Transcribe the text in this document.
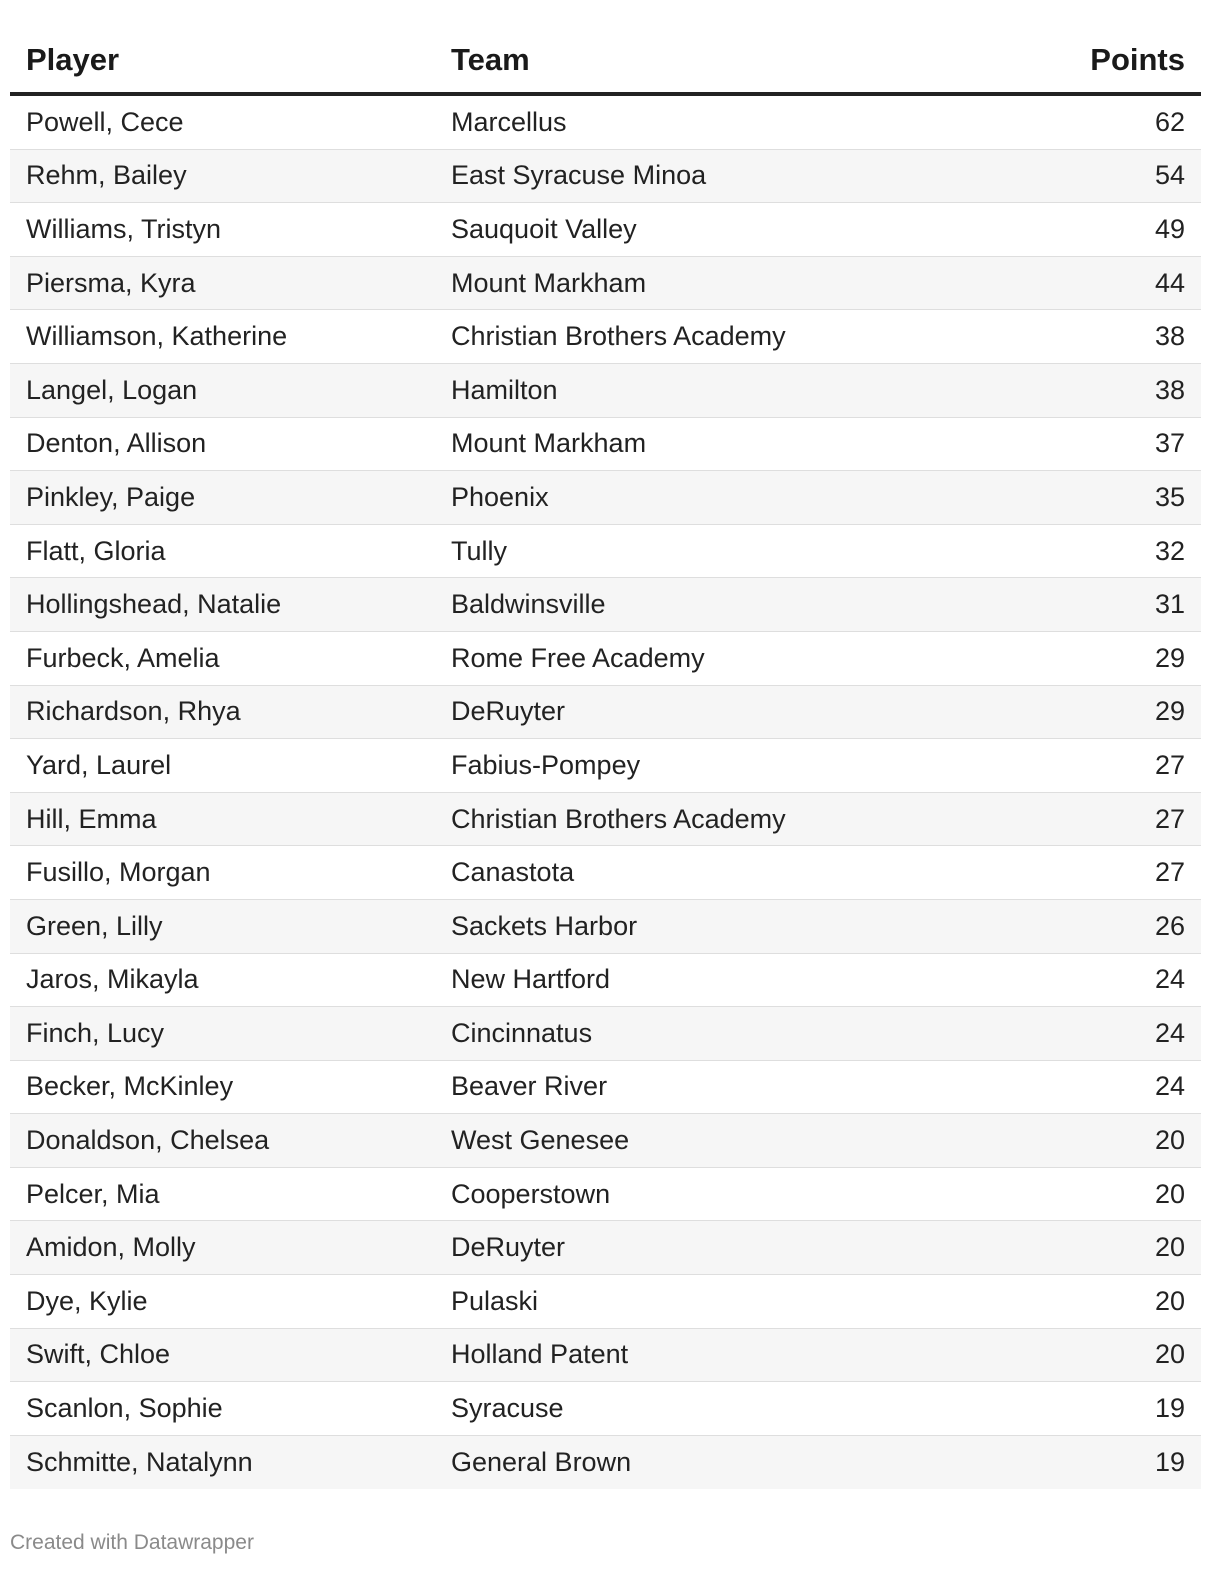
Player	Team	Points
Powell, Cece	Marcellus	62
Rehm, Bailey	East Syracuse Minoa	54
Williams, Tristyn	Sauquoit Valley	49
Piersma, Kyra	Mount Markham	44
Williamson, Katherine	Christian Brothers Academy	38
Langel, Logan	Hamilton	38
Denton, Allison	Mount Markham	37
Pinkley, Paige	Phoenix	35
Flatt, Gloria	Tully	32
Hollingshead, Natalie	Baldwinsville	31
Furbeck, Amelia	Rome Free Academy	29
Richardson, Rhya	DeRuyter	29
Yard, Laurel	Fabius-Pompey	27
Hill, Emma	Christian Brothers Academy	27
Fusillo, Morgan	Canastota	27
Green, Lilly	Sackets Harbor	26
Jaros, Mikayla	New Hartford	24
Finch, Lucy	Cincinnatus	24
Becker, McKinley	Beaver River	24
Donaldson, Chelsea	West Genesee	20
Pelcer, Mia	Cooperstown	20
Amidon, Molly	DeRuyter	20
Dye, Kylie	Pulaski	20
Swift, Chloe	Holland Patent	20
Scanlon, Sophie	Syracuse	19
Schmitte, Natalynn	General Brown	19
Created with Datawrapper
